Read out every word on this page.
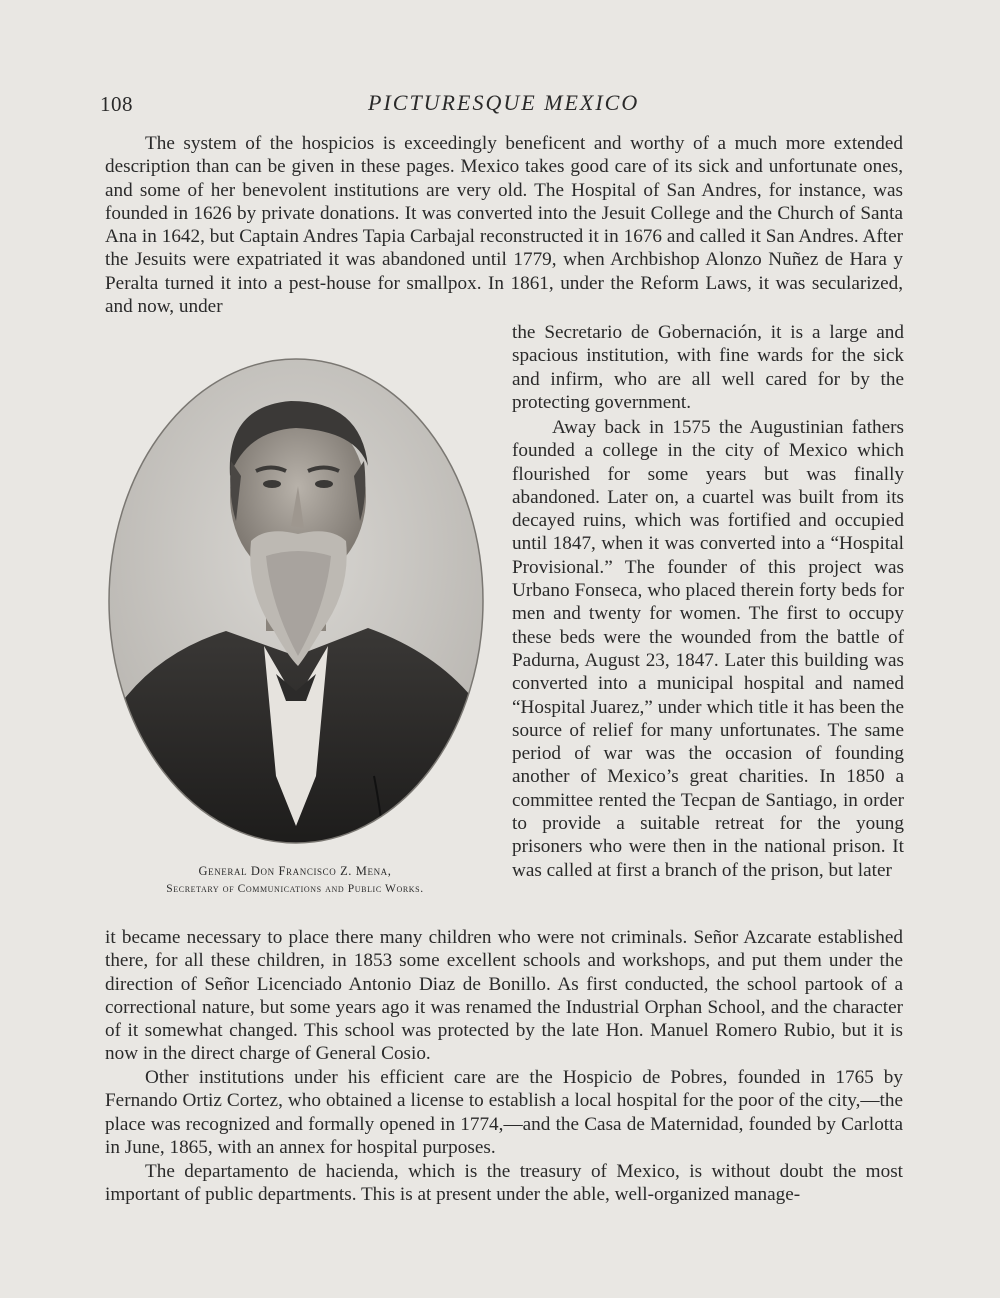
108	PICTURESQUE MEXICO

The system of the hospicios is exceedingly beneficent and worthy of a much more extended description than can be given in these pages. Mexico takes good care of its sick and unfortunate ones, and some of her benevolent institutions are very old. The Hospital of San Andres, for instance, was founded in 1626 by private donations. It was converted into the Jesuit College and the Church of Santa Ana in 1642, but Captain Andres Tapia Carbajal reconstructed it in 1676 and called it San Andres. After the Jesuits were expatriated it was abandoned until 1779, when Archbishop Alonzo Nuñez de Hara y Peralta turned it into a pest-house for smallpox. In 1861, under the Reform Laws, it was secularized, and now, under

the Secretario de Gobernación, it is a large and spacious institution, with fine wards for the sick and infirm, who are all well cared for by the protecting government.

Away back in 1575 the Augustinian fathers founded a college in the city of Mexico which flourished for some years but was finally abandoned. Later on, a cuartel was built from its decayed ruins, which was fortified and occupied until 1847, when it was converted into a “Hospital Provisional.” The founder of this project was Urbano Fonseca, who placed therein forty beds for men and twenty for women. The first to occupy these beds were the wounded from the battle of Padurna, August 23, 1847. Later this building was converted into a municipal hospital and named “Hospital Juarez,” under which title it has been the source of relief for many unfortunates. The same period of war was the occasion of founding another of Mexico’s great charities. In 1850 a committee rented the Tecpan de Santiago, in order to provide a suitable retreat for the young prisoners who were then in the national prison. It was called at first a branch of the prison, but later

General Don Francisco Z. Mena,
Secretary of Communications and Public Works.

it became necessary to place there many children who were not criminals. Señor Azcarate established there, for all these children, in 1853 some excellent schools and workshops, and put them under the direction of Señor Licenciado Antonio Diaz de Bonillo. As first conducted, the school partook of a correctional nature, but some years ago it was renamed the Industrial Orphan School, and the character of it somewhat changed. This school was protected by the late Hon. Manuel Romero Rubio, but it is now in the direct charge of General Cosio.

Other institutions under his efficient care are the Hospicio de Pobres, founded in 1765 by Fernando Ortiz Cortez, who obtained a license to establish a local hospital for the poor of the city,—the place was recognized and formally opened in 1774,—and the Casa de Maternidad, founded by Carlotta in June, 1865, with an annex for hospital purposes.

The departamento de hacienda, which is the treasury of Mexico, is without doubt the most important of public departments. This is at present under the able, well-organized manage-
